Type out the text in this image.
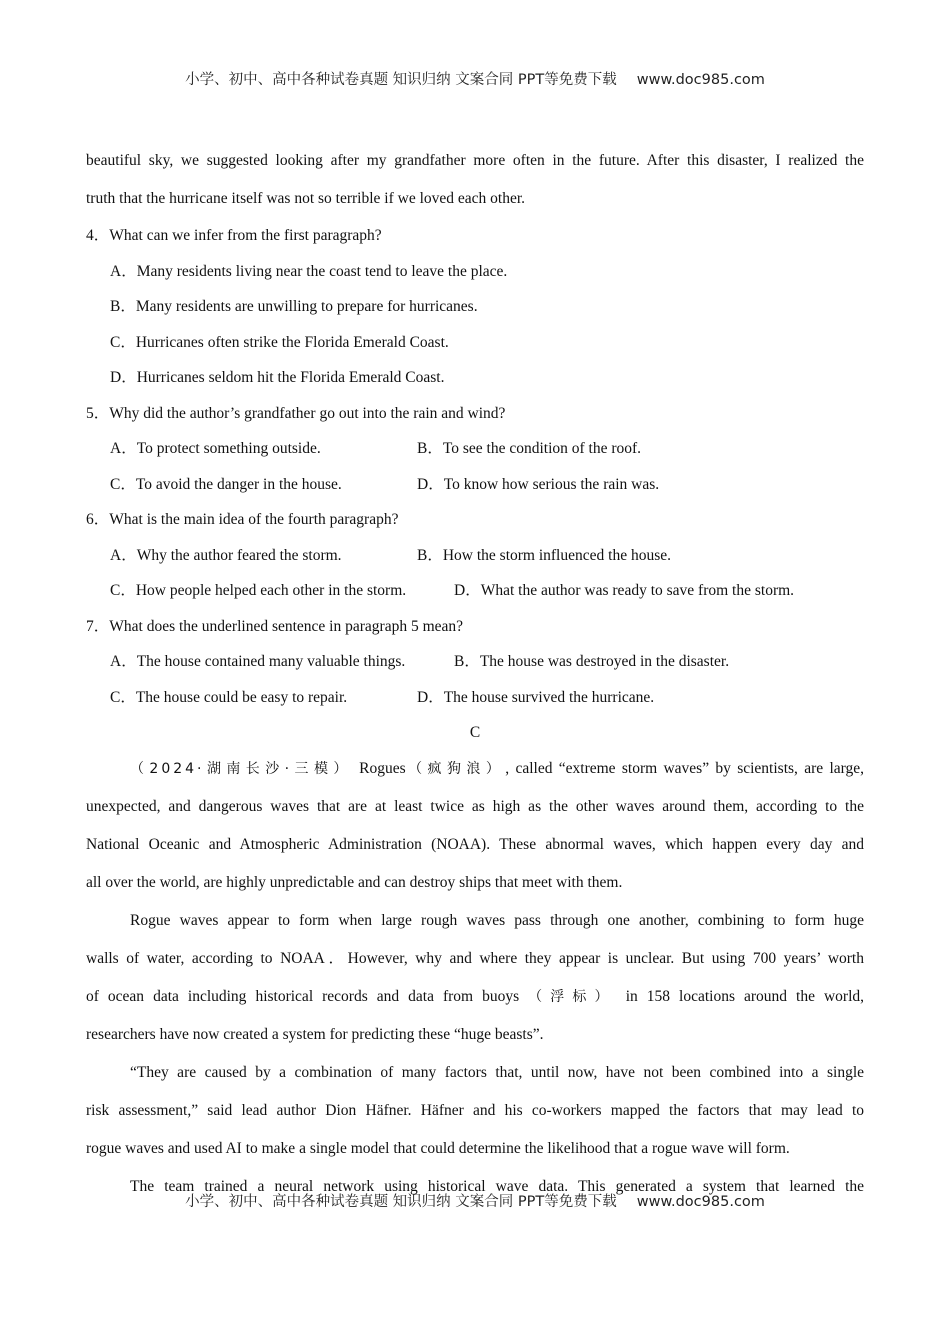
小学、初中、高中各种试卷真题 知识归纳 文案合同 PPT等免费下载 www.doc985.com

beautiful sky, we suggested looking after my grandfather more often in the future. After this disaster, I realized the

truth that the hurricane itself was not so terrible if we loved each other.

4．What can we infer from the first paragraph?

A．Many residents living near the coast tend to leave the place.

B．Many residents are unwilling to prepare for hurricanes.

C．Hurricanes often strike the Florida Emerald Coast.

D．Hurricanes seldom hit the Florida Emerald Coast.

5．Why did the author’s grandfather go out into the rain and wind?

A．To protect something outside.	B．To see the condition of the roof.
C．To avoid the danger in the house.	D．To know how serious the rain was.

6．What is the main idea of the fourth paragraph?

A．Why the author feared the storm.	B．How the storm influenced the house.
C．How people helped each other in the storm.	D．What the author was ready to save from the storm.

7．What does the underlined sentence in paragraph 5 mean?

A．The house contained many valuable things.	B．The house was destroyed in the disaster.
C．The house could be easy to repair.	D．The house survived the hurricane.

C

（2024·湖南长沙·三模） Rogues（疯狗浪）, called “extreme storm waves” by scientists, are large,

unexpected, and dangerous waves that are at least twice as high as the other waves around them, according to the

National Oceanic and Atmospheric Administration (NOAA). These abnormal waves, which happen every day and

all over the world, are highly unpredictable and can destroy ships that meet with them.

Rogue waves appear to form when large rough waves pass through one another, combining to form huge

walls of water, according to NOAA．However, why and where they appear is unclear. But using 700 years’ worth

of ocean data including historical records and data from buoys （浮标） in 158 locations around the world,

researchers have now created a system for predicting these “huge beasts”.

“They are caused by a combination of many factors that, until now, have not been combined into a single

risk assessment,” said lead author Dion Häfner. Häfner and his co-workers mapped the factors that may lead to

rogue waves and used AI to make a single model that could determine the likelihood that a rogue wave will form.

The team trained a neural network using historical wave data. This generated a system that learned the

小学、初中、高中各种试卷真题 知识归纳 文案合同 PPT等免费下载 www.doc985.com
